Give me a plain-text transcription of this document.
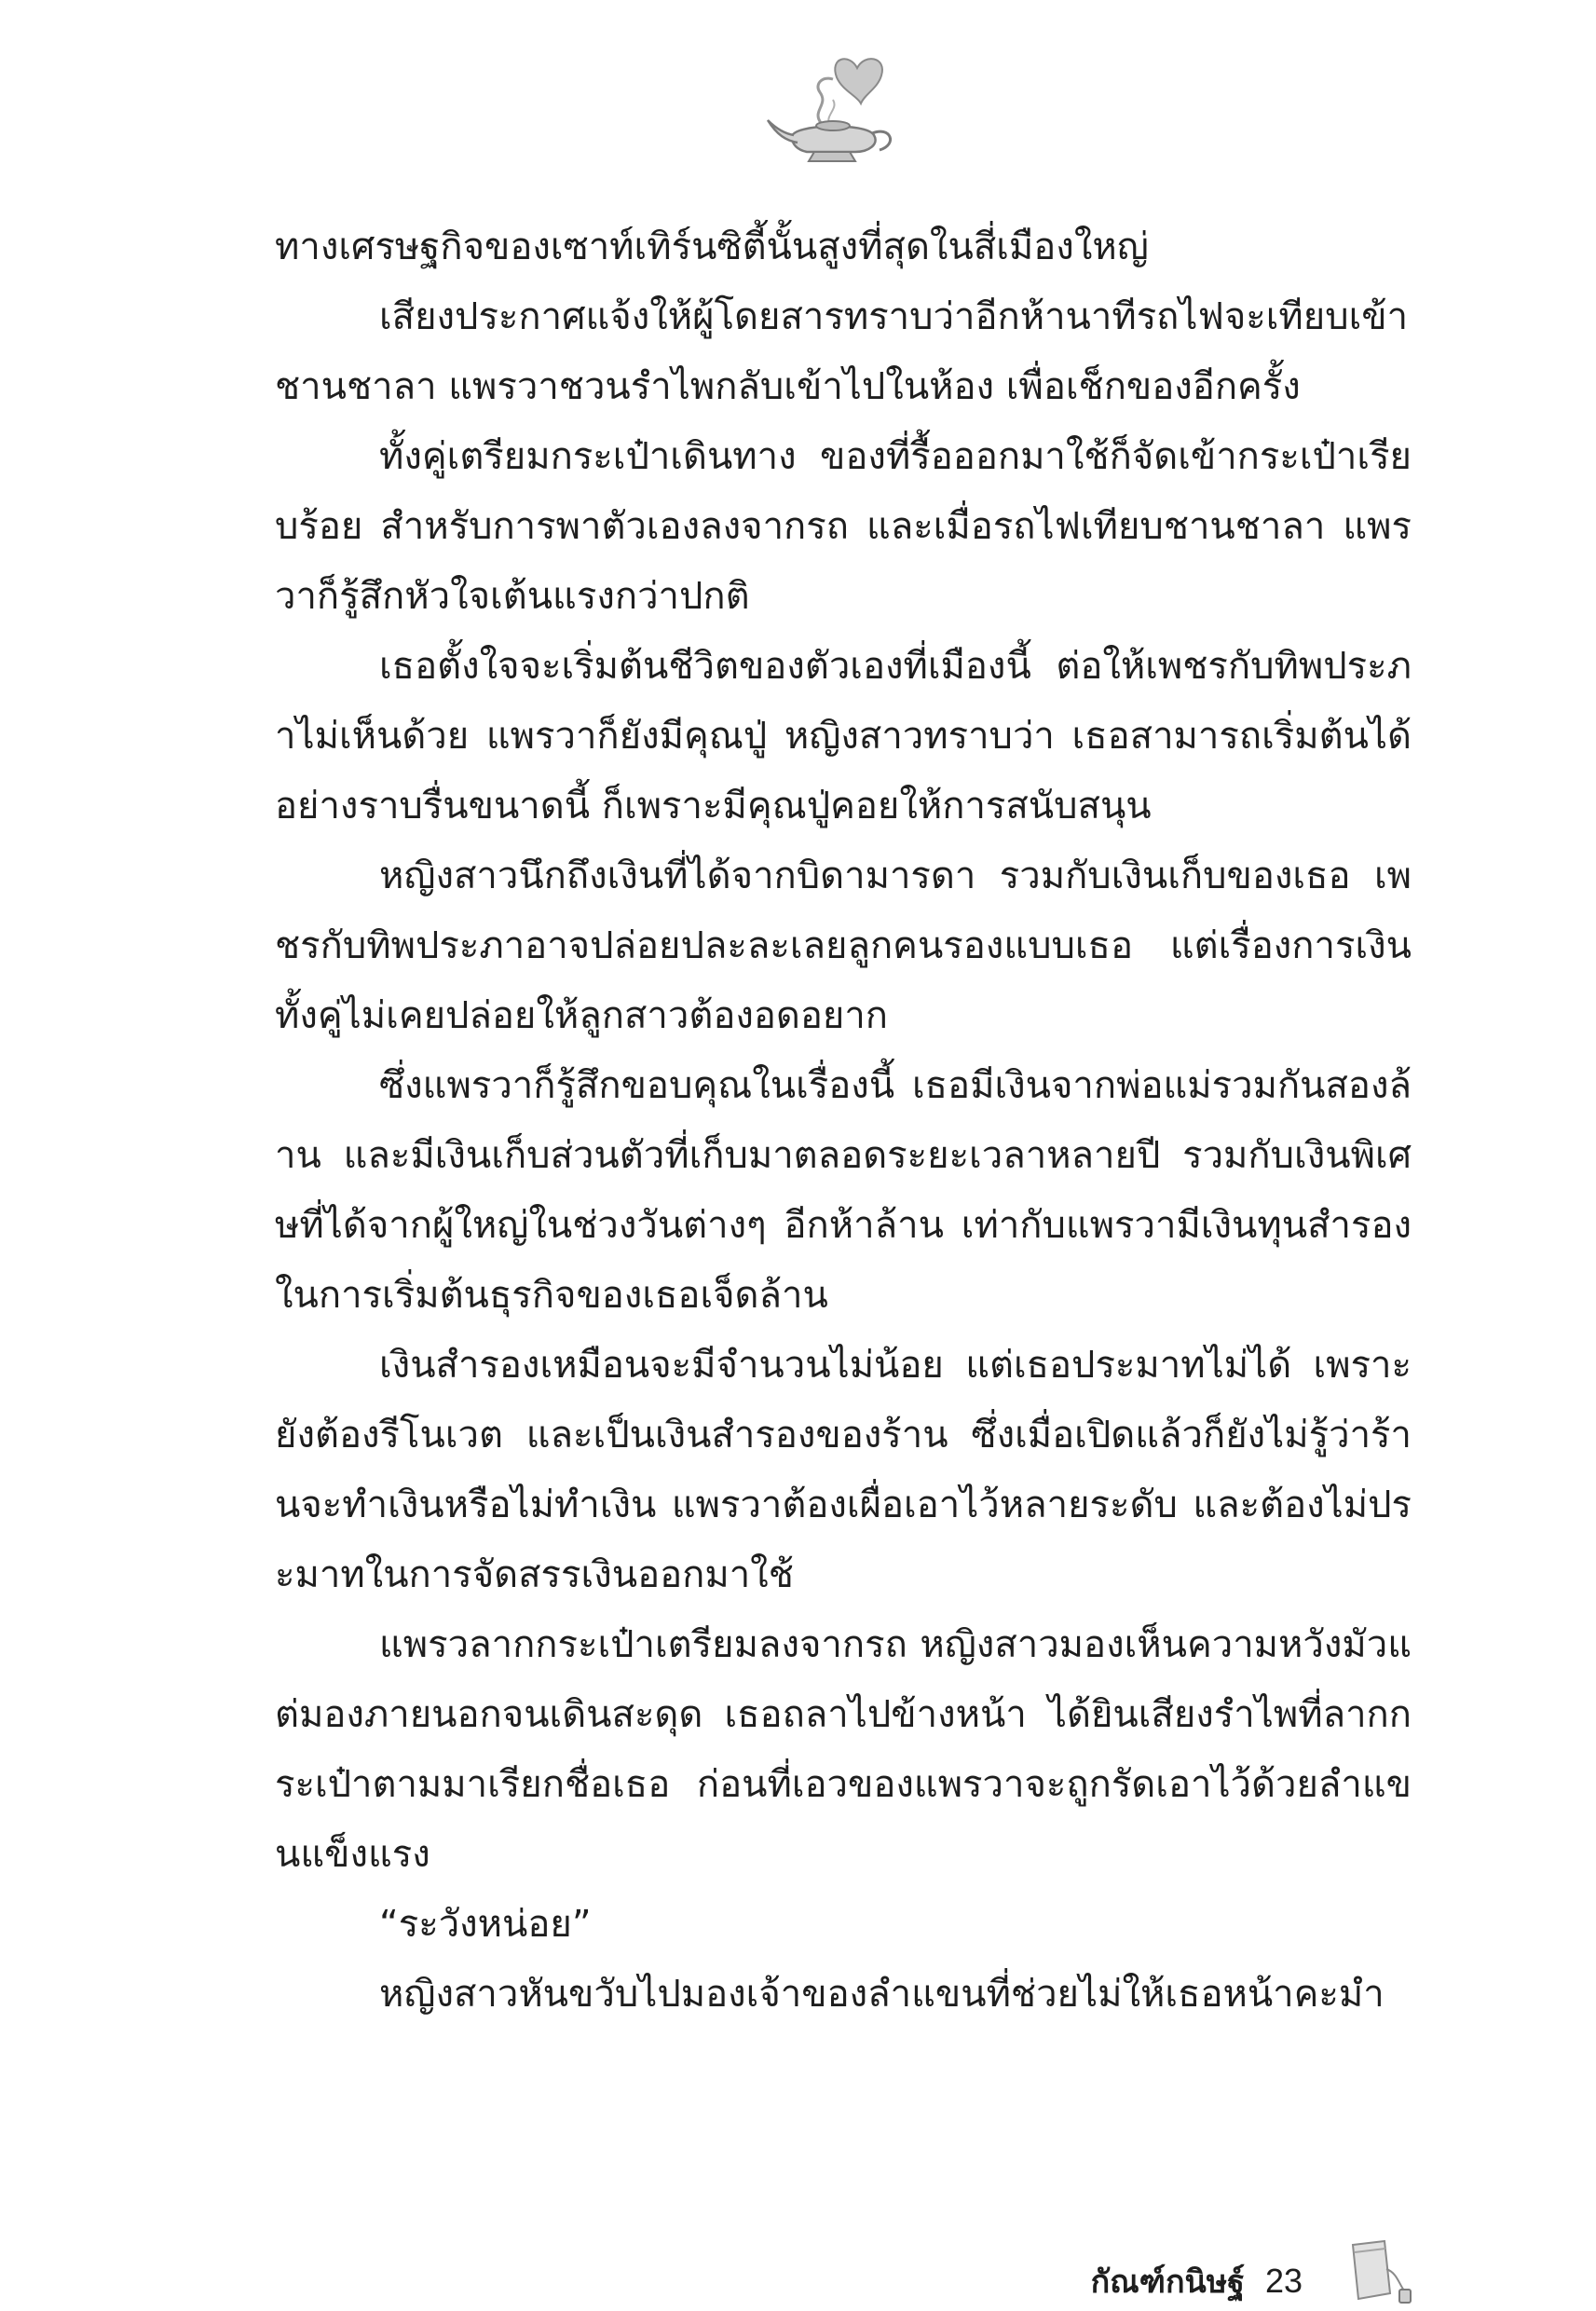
ทางเศรษฐกิจของเซาท์เทิร์นซิตี้นั้นสูงที่สุดในสี่เมืองใหญ่

เสียงประกาศแจ้งให้ผู้โดยสารทราบว่าอีกห้านาทีรถไฟจะเทียบเข้าชานชาลา แพรวาชวนรำไพกลับเข้าไปในห้อง เพื่อเช็กของอีกครั้ง

ทั้งคู่เตรียมกระเป๋าเดินทาง ของที่รื้อออกมาใช้ก็จัดเข้ากระเป๋าเรียบร้อย สำหรับการพาตัวเองลงจากรถ และเมื่อรถไฟเทียบชานชาลา แพรวาก็รู้สึกหัวใจเต้นแรงกว่าปกติ

เธอตั้งใจจะเริ่มต้นชีวิตของตัวเองที่เมืองนี้ ต่อให้เพชรกับทิพประภาไม่เห็นด้วย แพรวาก็ยังมีคุณปู่ หญิงสาวทราบว่า เธอสามารถเริ่มต้นได้อย่างราบรื่นขนาดนี้ ก็เพราะมีคุณปู่คอยให้การสนับสนุน

หญิงสาวนึกถึงเงินที่ได้จากบิดามารดา รวมกับเงินเก็บของเธอ เพชรกับทิพประภาอาจปล่อยปละละเลยลูกคนรองแบบเธอ แต่เรื่องการเงิน ทั้งคู่ไม่เคยปล่อยให้ลูกสาวต้องอดอยาก

ซึ่งแพรวาก็รู้สึกขอบคุณในเรื่องนี้ เธอมีเงินจากพ่อแม่รวมกันสองล้าน และมีเงินเก็บส่วนตัวที่เก็บมาตลอดระยะเวลาหลายปี รวมกับเงินพิเศษที่ได้จากผู้ใหญ่ในช่วงวันต่างๆ อีกห้าล้าน เท่ากับแพรวามีเงินทุนสำรองในการเริ่มต้นธุรกิจของเธอเจ็ดล้าน

เงินสำรองเหมือนจะมีจำนวนไม่น้อย แต่เธอประมาทไม่ได้ เพราะยังต้องรีโนเวต และเป็นเงินสำรองของร้าน ซึ่งเมื่อเปิดแล้วก็ยังไม่รู้ว่าร้านจะทำเงินหรือไม่ทำเงิน แพรวาต้องเผื่อเอาไว้หลายระดับ และต้องไม่ประมาทในการจัดสรรเงินออกมาใช้

แพรวลากกระเป๋าเตรียมลงจากรถ หญิงสาวมองเห็นความหวังมัวแต่มองภายนอกจนเดินสะดุด เธอถลาไปข้างหน้า ได้ยินเสียงรำไพที่ลากกระเป๋าตามมาเรียกชื่อเธอ ก่อนที่เอวของแพรวาจะถูกรัดเอาไว้ด้วยลำแขนแข็งแรง

“ระวังหน่อย”

หญิงสาวหันขวับไปมองเจ้าของลำแขนที่ช่วยไม่ให้เธอหน้าคะมำ

กัณฑ์กนิษฐ์ 23
